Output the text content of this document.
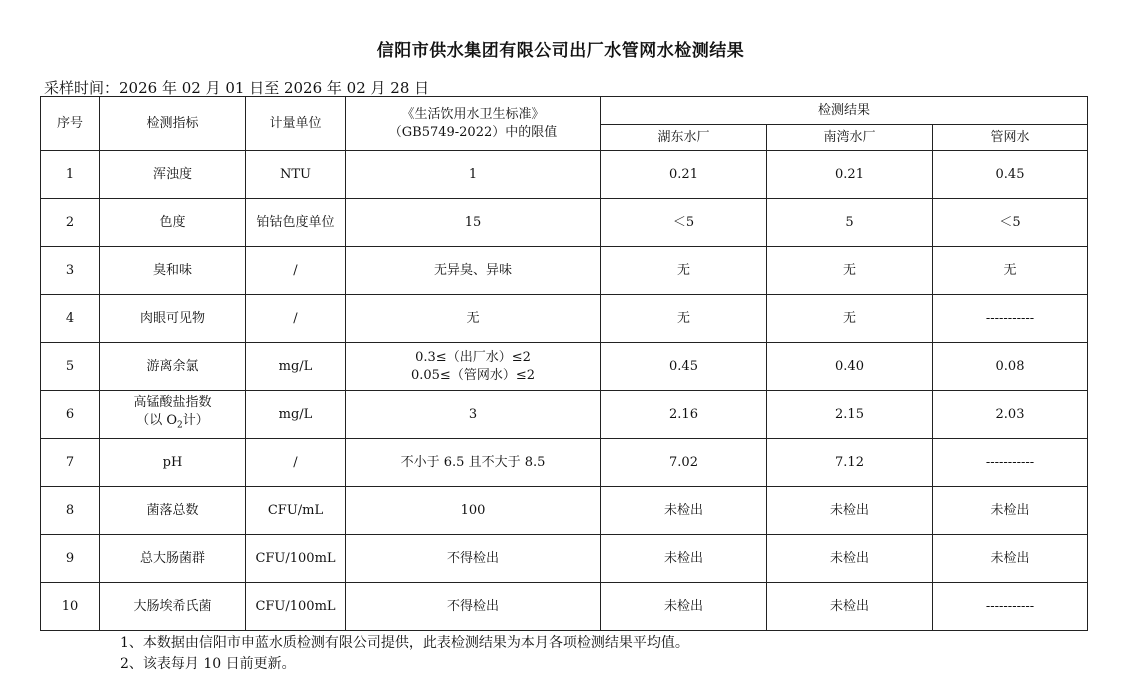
信阳市供水集团有限公司出厂水管网水检测结果
采样时间：2026 年 02 月 01 日至 2026 年 02 月 28 日
序号	检测指标	计量单位	《生活饮用水卫生标准》
（GB5749-2022）中的限值	检测结果		
				湖东水厂	南湾水厂	管网水
1	浑浊度	NTU	1	0.21	0.21	0.45
2	色度	铂钴色度单位	15	＜5	5	＜5
3	臭和味	/	无异臭、异味	无	无	无
4	肉眼可见物	/	无	无	无	-----------
5	游离余氯	mg/L	0.3≤（出厂水）≤2
0.05≤（管网水）≤2	0.45	0.40	0.08
6	高锰酸盐指数
（以 $O_2$计）	mg/L	3	2.16	2.15	2.03
7	pH	/	不小于 6.5 且不大于 8.5	7.02	7.12	-----------
8	菌落总数	CFU/mL	100	未检出	未检出	未检出
9	总大肠菌群	CFU/100mL	不得检出	未检出	未检出	未检出
10	大肠埃希氏菌	CFU/100mL	不得检出	未检出	未检出	-----------
1、本数据由信阳市申蓝水质检测有限公司提供，此表检测结果为本月各项检测结果平均值。
2、该表每月 10 日前更新。
